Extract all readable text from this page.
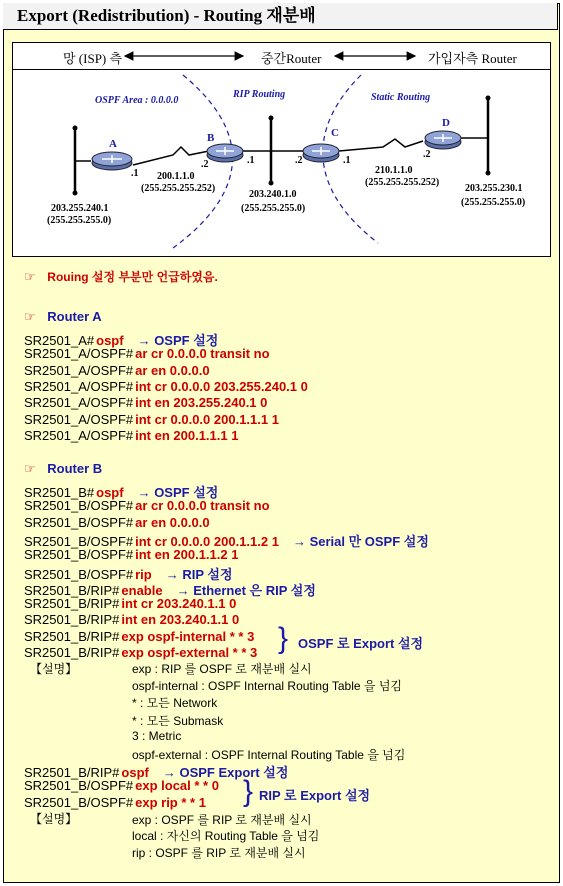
Export (Redistribution) - Routing 재분배
망 (ISP) 측	중간Router	가입자측 Router
OSPF Area : 0.0.0.0
RIP Routing	Static Routing
A	B	C
D
.1
.2	.1	.2	.1
.2
200.1.1.0
(255.255.255.252)
203.255.240.1
(255.255.255.0)
203.240.1.0
(255.255.255.0)
210.1.1.0
(255.255.255.252)
203.255.230.1
(255.255.255.0)
☞ Rouing 설정 부분만 언급하였음.
☞ Router A
SR2501_A# ospf → OSPF 설정
SR2501_A/OSPF# ar cr 0.0.0.0 transit no
SR2501_A/OSPF# ar en 0.0.0.0
SR2501_A/OSPF# int cr 0.0.0.0 203.255.240.1 0
SR2501_A/OSPF# int en 203.255.240.1 0
SR2501_A/OSPF# int cr 0.0.0.0 200.1.1.1 1
SR2501_A/OSPF# int en 200.1.1.1 1
☞ Router B
SR2501_B# ospf → OSPF 설정
SR2501_B/OSPF# ar cr 0.0.0.0 transit no
SR2501_B/OSPF# ar en 0.0.0.0
SR2501_B/OSPF# int cr 0.0.0.0 200.1.1.2 1 → Serial 만 OSPF 설정
SR2501_B/OSPF# int en 200.1.1.2 1
SR2501_B/OSPF# rip → RIP 설정
SR2501_B/RIP# enable → Ethernet 은 RIP 설정
SR2501_B/RIP# int cr 203.240.1.1 0
SR2501_B/RIP# int en 203.240.1.1 0
SR2501_B/RIP# exp ospf-internal * * 3
SR2501_B/RIP# exp ospf-external * * 3 } OSPF 로 Export 설정
【설명】	exp : RIP 를 OSPF 로 재분배 실시
ospf-internal : OSPF Internal Routing Table 을 넘김
* : 모든 Network
* : 모든 Submask
3 : Metric
ospf-external : OSPF Internal Routing Table 을 넘김
SR2501_B/RIP# ospf → OSPF Export 설정
SR2501_B/OSPF# exp local * * 0
SR2501_B/OSPF# exp rip * * 1 } RIP 로 Export 설정
【설명】	exp : OSPF 를 RIP 로 재분배 실시
local : 자신의 Routing Table 을 넘김
rip : OSPF 를 RIP 로 재분배 실시
